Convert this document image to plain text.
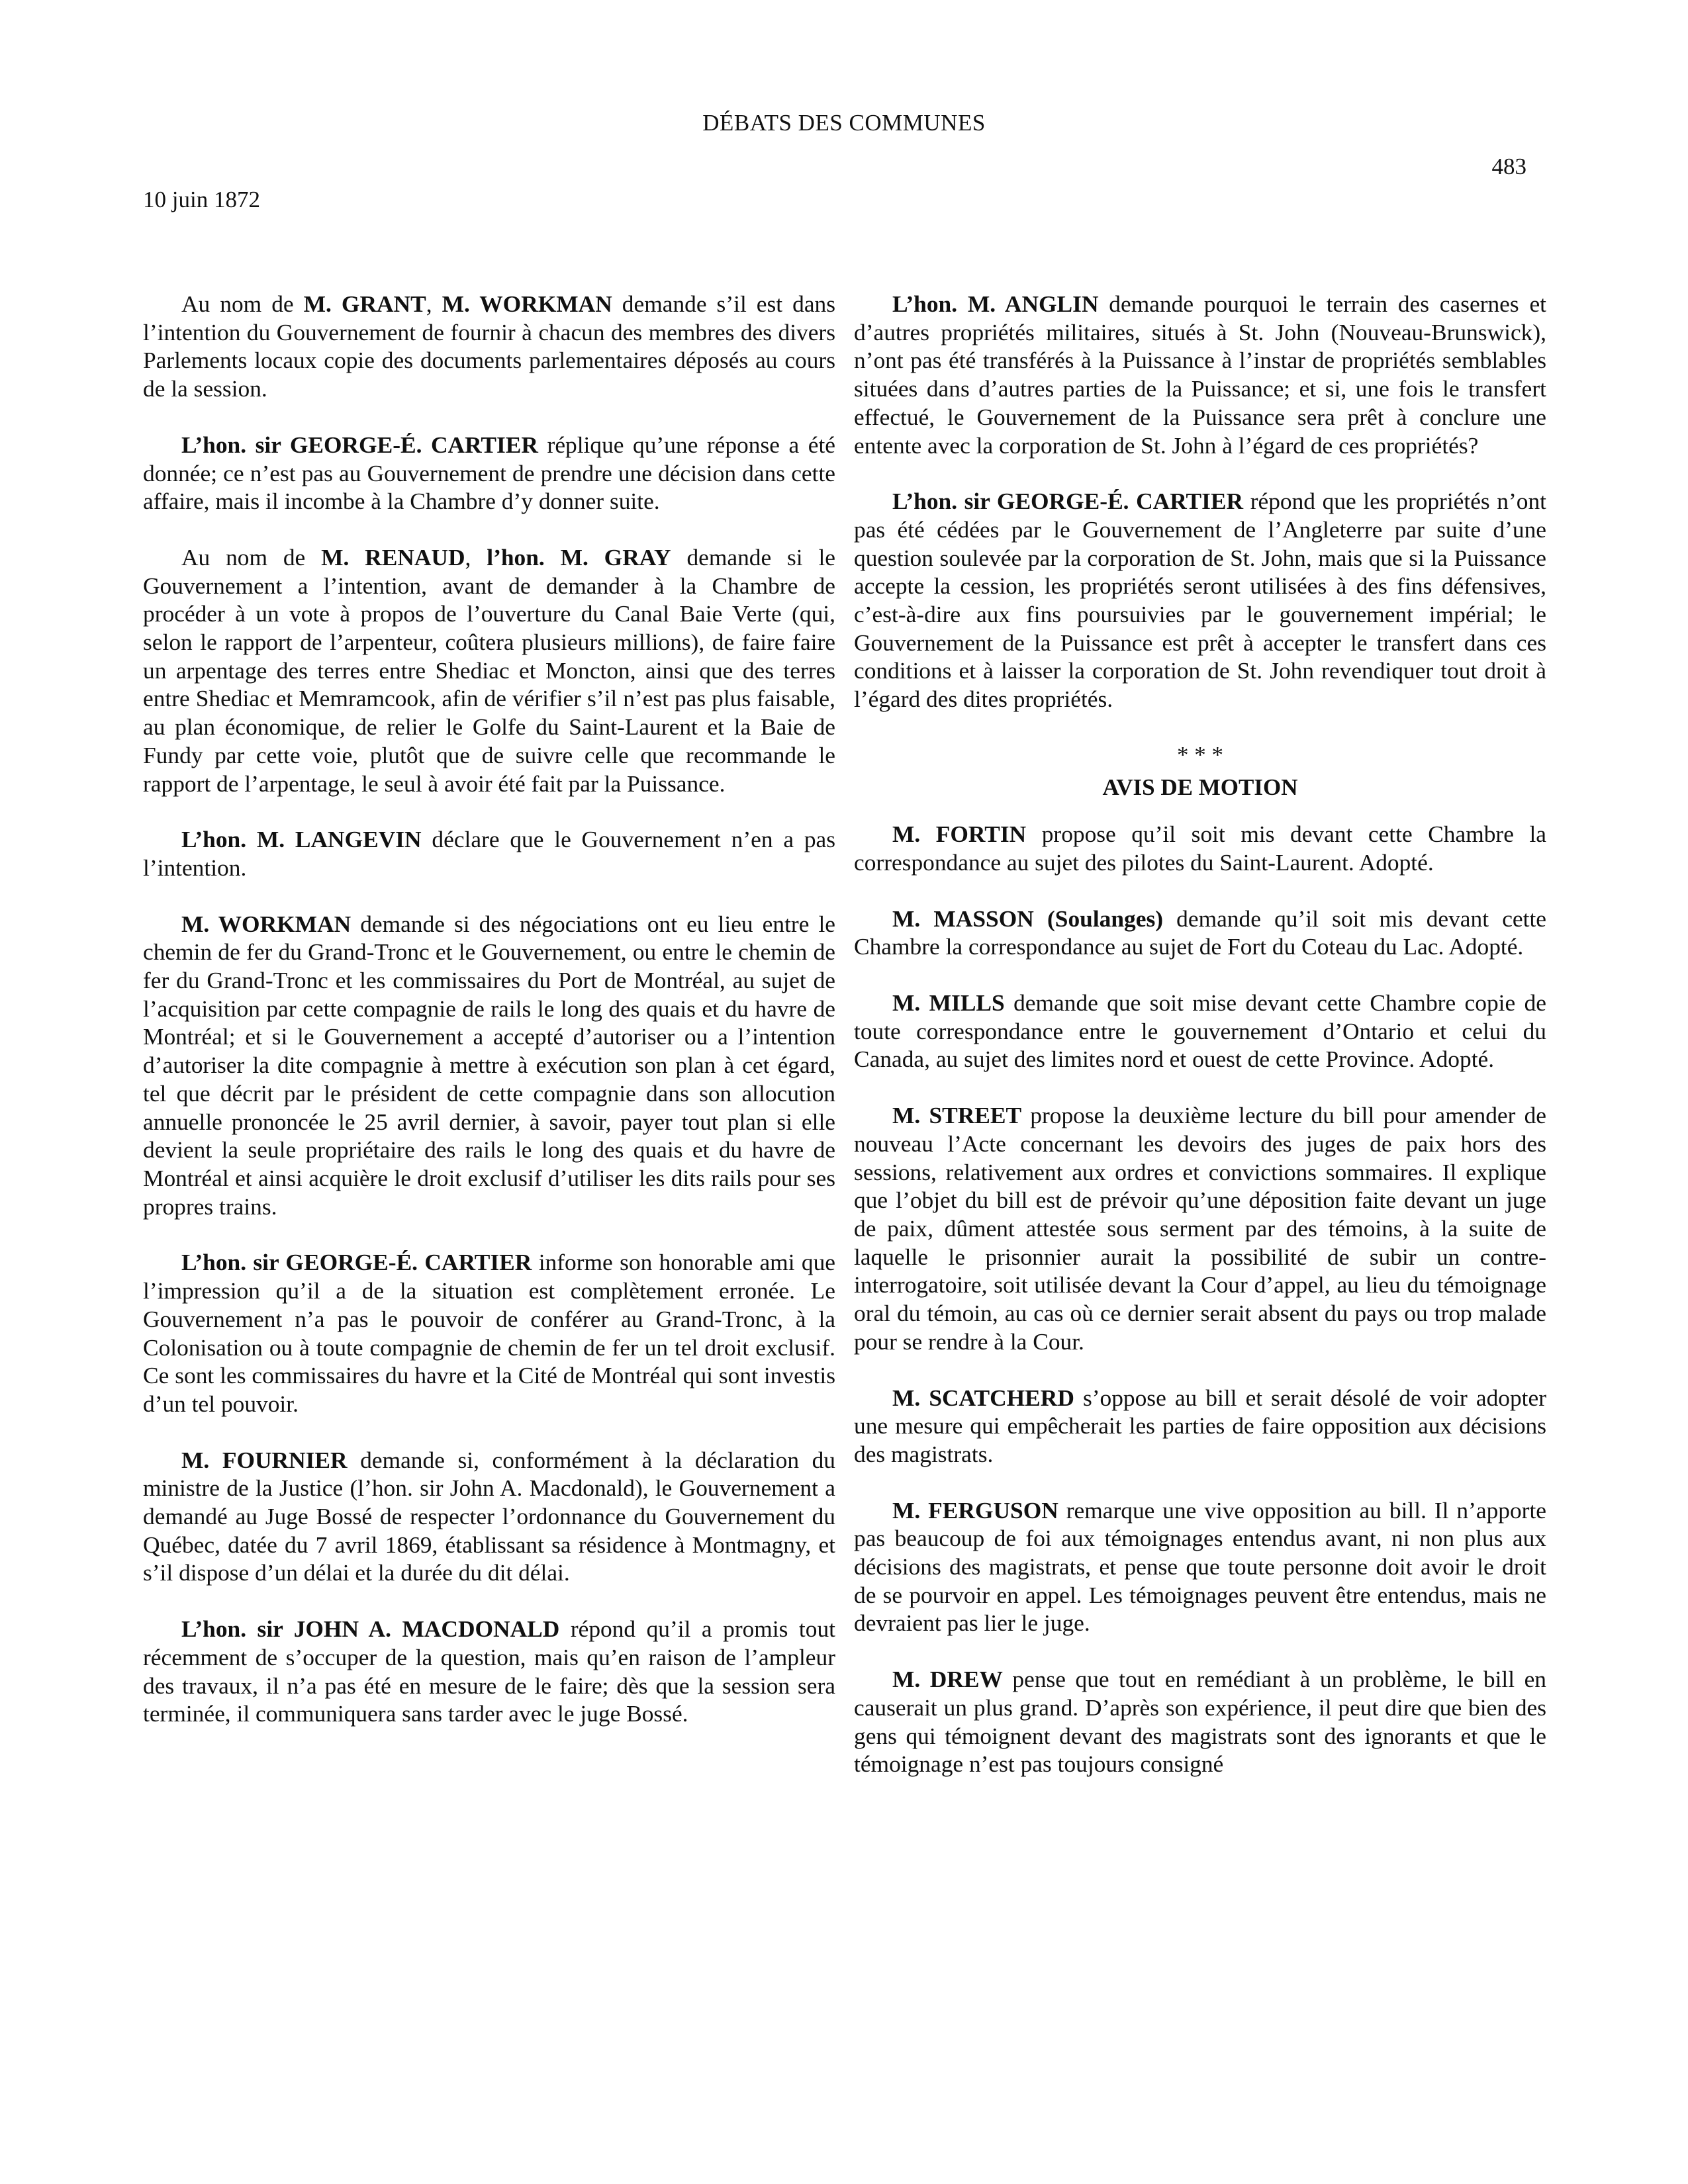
DÉBATS DES COMMUNES
483
10 juin 1872

Au nom de M. GRANT, M. WORKMAN demande s’il est dans l’intention du Gouvernement de fournir à chacun des membres des divers Parlements locaux copie des documents parlementaires déposés au cours de la session.

L’hon. sir GEORGE-É. CARTIER réplique qu’une réponse a été donnée; ce n’est pas au Gouvernement de prendre une décision dans cette affaire, mais il incombe à la Chambre d’y donner suite.

Au nom de M. RENAUD, l’hon. M. GRAY demande si le Gouvernement a l’intention, avant de demander à la Chambre de procéder à un vote à propos de l’ouverture du Canal Baie Verte (qui, selon le rapport de l’arpenteur, coûtera plusieurs millions), de faire faire un arpentage des terres entre Shediac et Moncton, ainsi que des terres entre Shediac et Memramcook, afin de vérifier s’il n’est pas plus faisable, au plan économique, de relier le Golfe du Saint-Laurent et la Baie de Fundy par cette voie, plutôt que de suivre celle que recommande le rapport de l’arpentage, le seul à avoir été fait par la Puissance.

L’hon. M. LANGEVIN déclare que le Gouvernement n’en a pas l’intention.

M. WORKMAN demande si des négociations ont eu lieu entre le chemin de fer du Grand-Tronc et le Gouvernement, ou entre le chemin de fer du Grand-Tronc et les commissaires du Port de Montréal, au sujet de l’acquisition par cette compagnie de rails le long des quais et du havre de Montréal; et si le Gouvernement a accepté d’autoriser ou a l’intention d’autoriser la dite compagnie à mettre à exécution son plan à cet égard, tel que décrit par le président de cette compagnie dans son allocution annuelle prononcée le 25 avril dernier, à savoir, payer tout plan si elle devient la seule propriétaire des rails le long des quais et du havre de Montréal et ainsi acquière le droit exclusif d’utiliser les dits rails pour ses propres trains.

L’hon. sir GEORGE-É. CARTIER informe son honorable ami que l’impression qu’il a de la situation est complètement erronée. Le Gouvernement n’a pas le pouvoir de conférer au Grand-Tronc, à la Colonisation ou à toute compagnie de chemin de fer un tel droit exclusif. Ce sont les commissaires du havre et la Cité de Montréal qui sont investis d’un tel pouvoir.

M. FOURNIER demande si, conformément à la déclaration du ministre de la Justice (l’hon. sir John A. Macdonald), le Gouvernement a demandé au Juge Bossé de respecter l’ordonnance du Gouvernement du Québec, datée du 7 avril 1869, établissant sa résidence à Montmagny, et s’il dispose d’un délai et la durée du dit délai.

L’hon. sir JOHN A. MACDONALD répond qu’il a promis tout récemment de s’occuper de la question, mais qu’en raison de l’ampleur des travaux, il n’a pas été en mesure de le faire; dès que la session sera terminée, il communiquera sans tarder avec le juge Bossé.

L’hon. M. ANGLIN demande pourquoi le terrain des casernes et d’autres propriétés militaires, situés à St. John (Nouveau-Brunswick), n’ont pas été transférés à la Puissance à l’instar de propriétés semblables situées dans d’autres parties de la Puissance; et si, une fois le transfert effectué, le Gouvernement de la Puissance sera prêt à conclure une entente avec la corporation de St. John à l’égard de ces propriétés?

L’hon. sir GEORGE-É. CARTIER répond que les propriétés n’ont pas été cédées par le Gouvernement de l’Angleterre par suite d’une question soulevée par la corporation de St. John, mais que si la Puissance accepte la cession, les propriétés seront utilisées à des fins défensives, c’est-à-dire aux fins poursuivies par le gouvernement impérial; le Gouvernement de la Puissance est prêt à accepter le transfert dans ces conditions et à laisser la corporation de St. John revendiquer tout droit à l’égard des dites propriétés.

* * *
AVIS DE MOTION

M. FORTIN propose qu’il soit mis devant cette Chambre la correspondance au sujet des pilotes du Saint-Laurent. Adopté.

M. MASSON (Soulanges) demande qu’il soit mis devant cette Chambre la correspondance au sujet de Fort du Coteau du Lac. Adopté.

M. MILLS demande que soit mise devant cette Chambre copie de toute correspondance entre le gouvernement d’Ontario et celui du Canada, au sujet des limites nord et ouest de cette Province. Adopté.

M. STREET propose la deuxième lecture du bill pour amender de nouveau l’Acte concernant les devoirs des juges de paix hors des sessions, relativement aux ordres et convictions sommaires. Il explique que l’objet du bill est de prévoir qu’une déposition faite devant un juge de paix, dûment attestée sous serment par des témoins, à la suite de laquelle le prisonnier aurait la possibilité de subir un contre-interrogatoire, soit utilisée devant la Cour d’appel, au lieu du témoignage oral du témoin, au cas où ce dernier serait absent du pays ou trop malade pour se rendre à la Cour.

M. SCATCHERD s’oppose au bill et serait désolé de voir adopter une mesure qui empêcherait les parties de faire opposition aux décisions des magistrats.

M. FERGUSON remarque une vive opposition au bill. Il n’apporte pas beaucoup de foi aux témoignages entendus avant, ni non plus aux décisions des magistrats, et pense que toute personne doit avoir le droit de se pourvoir en appel. Les témoignages peuvent être entendus, mais ne devraient pas lier le juge.

M. DREW pense que tout en remédiant à un problème, le bill en causerait un plus grand. D’après son expérience, il peut dire que bien des gens qui témoignent devant des magistrats sont des ignorants et que le témoignage n’est pas toujours consigné
